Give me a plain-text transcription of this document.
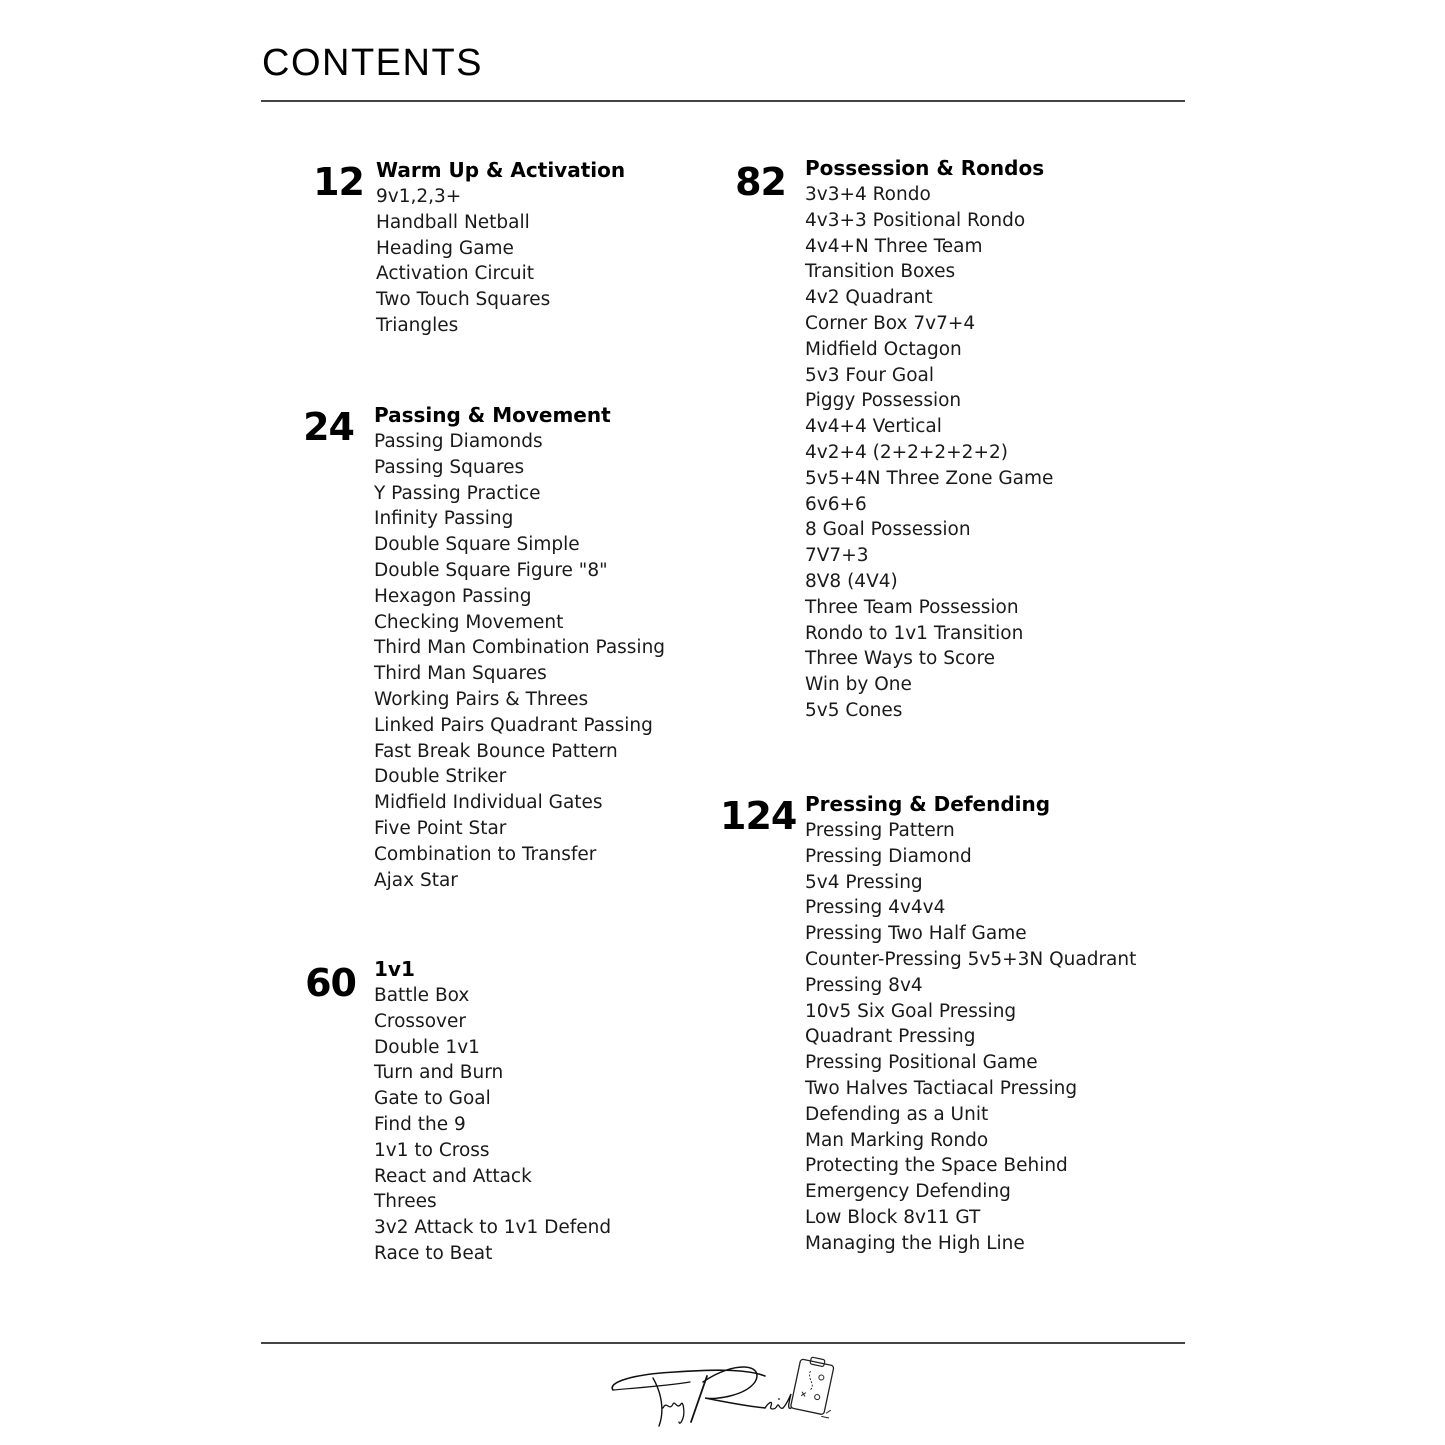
CONTENTS
12 Warm Up & Activation
9v1,2,3+
Handball Netball
Heading Game
Activation Circuit
Two Touch Squares
Triangles
24 Passing & Movement
Passing Diamonds
Passing Squares
Y Passing Practice
Infinity Passing
Double Square Simple
Double Square Figure "8"
Hexagon Passing
Checking Movement
Third Man Combination Passing
Third Man Squares
Working Pairs & Threes
Linked Pairs Quadrant Passing
Fast Break Bounce Pattern
Double Striker
Midfield Individual Gates
Five Point Star
Combination to Transfer
Ajax Star
60 1v1
Battle Box
Crossover
Double 1v1
Turn and Burn
Gate to Goal
Find the 9
1v1 to Cross
React and Attack
Threes
3v2 Attack to 1v1 Defend
Race to Beat
82 Possession & Rondos
3v3+4 Rondo
4v3+3 Positional Rondo
4v4+N Three Team
Transition Boxes
4v2 Quadrant
Corner Box 7v7+4
Midfield Octagon
5v3 Four Goal
Piggy Possession
4v4+4 Vertical
4v2+4 (2+2+2+2+2)
5v5+4N Three Zone Game
6v6+6
8 Goal Possession
7V7+3
8V8 (4V4)
Three Team Possession
Rondo to 1v1 Transition
Three Ways to Score
Win by One
5v5 Cones
124 Pressing & Defending
Pressing Pattern
Pressing Diamond
5v4 Pressing
Pressing 4v4v4
Pressing Two Half Game
Counter-Pressing 5v5+3N Quadrant
Pressing 8v4
10v5 Six Goal Pressing
Quadrant Pressing
Pressing Positional Game
Two Halves Tactiacal Pressing
Defending as a Unit
Man Marking Rondo
Protecting the Space Behind
Emergency Defending
Low Block 8v11 GT
Managing the High Line
